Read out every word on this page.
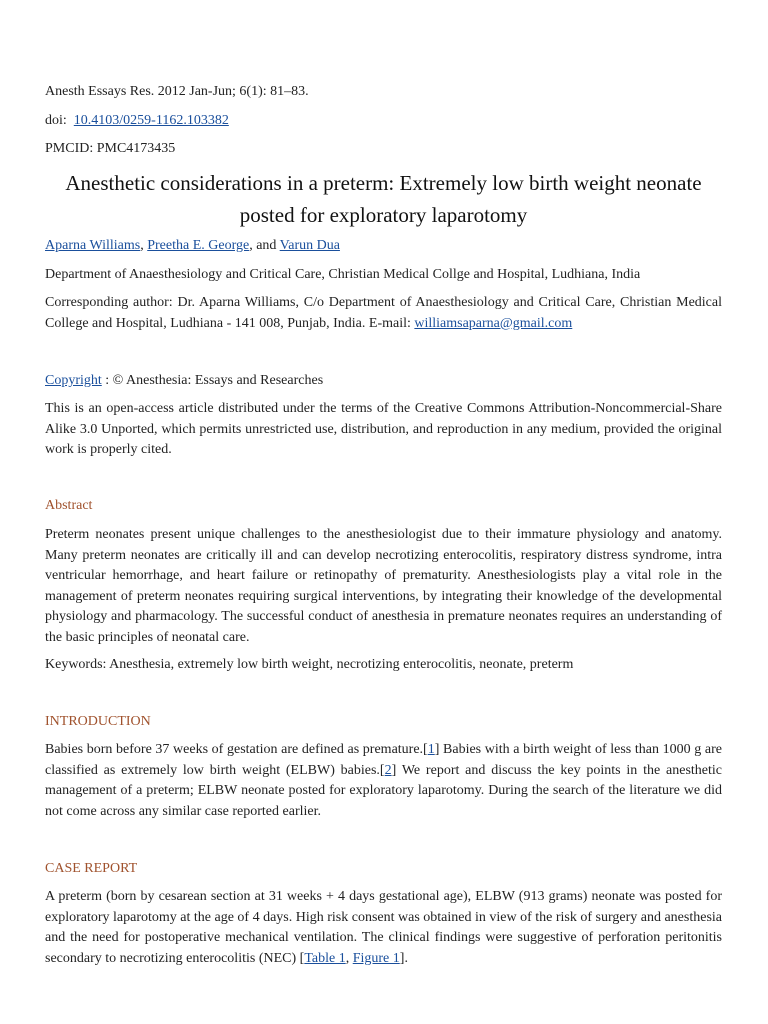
Anesth Essays Res. 2012 Jan-Jun; 6(1): 81–83.

doi: 10.4103/0259-1162.103382

PMCID: PMC4173435

Anesthetic considerations in a preterm: Extremely low birth weight neonate posted for exploratory laparotomy

Aparna Williams, Preetha E. George, and Varun Dua

Department of Anaesthesiology and Critical Care, Christian Medical Collge and Hospital, Ludhiana, India

Corresponding author: Dr. Aparna Williams, C/o Department of Anaesthesiology and Critical Care, Christian Medical College and Hospital, Ludhiana - 141 008, Punjab, India. E-mail: williamsaparna@gmail.com

Copyright : © Anesthesia: Essays and Researches

This is an open-access article distributed under the terms of the Creative Commons Attribution-Noncommercial-Share Alike 3.0 Unported, which permits unrestricted use, distribution, and reproduction in any medium, provided the original work is properly cited.

Abstract

Preterm neonates present unique challenges to the anesthesiologist due to their immature physiology and anatomy. Many preterm neonates are critically ill and can develop necrotizing enterocolitis, respiratory distress syndrome, intra ventricular hemorrhage, and heart failure or retinopathy of prematurity. Anesthesiologists play a vital role in the management of preterm neonates requiring surgical interventions, by integrating their knowledge of the developmental physiology and pharmacology. The successful conduct of anesthesia in premature neonates requires an understanding of the basic principles of neonatal care.

Keywords: Anesthesia, extremely low birth weight, necrotizing enterocolitis, neonate, preterm

INTRODUCTION

Babies born before 37 weeks of gestation are defined as premature.[1] Babies with a birth weight of less than 1000 g are classified as extremely low birth weight (ELBW) babies.[2] We report and discuss the key points in the anesthetic management of a preterm; ELBW neonate posted for exploratory laparotomy. During the search of the literature we did not come across any similar case reported earlier.

CASE REPORT

A preterm (born by cesarean section at 31 weeks + 4 days gestational age), ELBW (913 grams) neonate was posted for exploratory laparotomy at the age of 4 days. High risk consent was obtained in view of the risk of surgery and anesthesia and the need for postoperative mechanical ventilation. The clinical findings were suggestive of perforation peritonitis secondary to necrotizing enterocolitis (NEC) [Table 1, Figure 1].
